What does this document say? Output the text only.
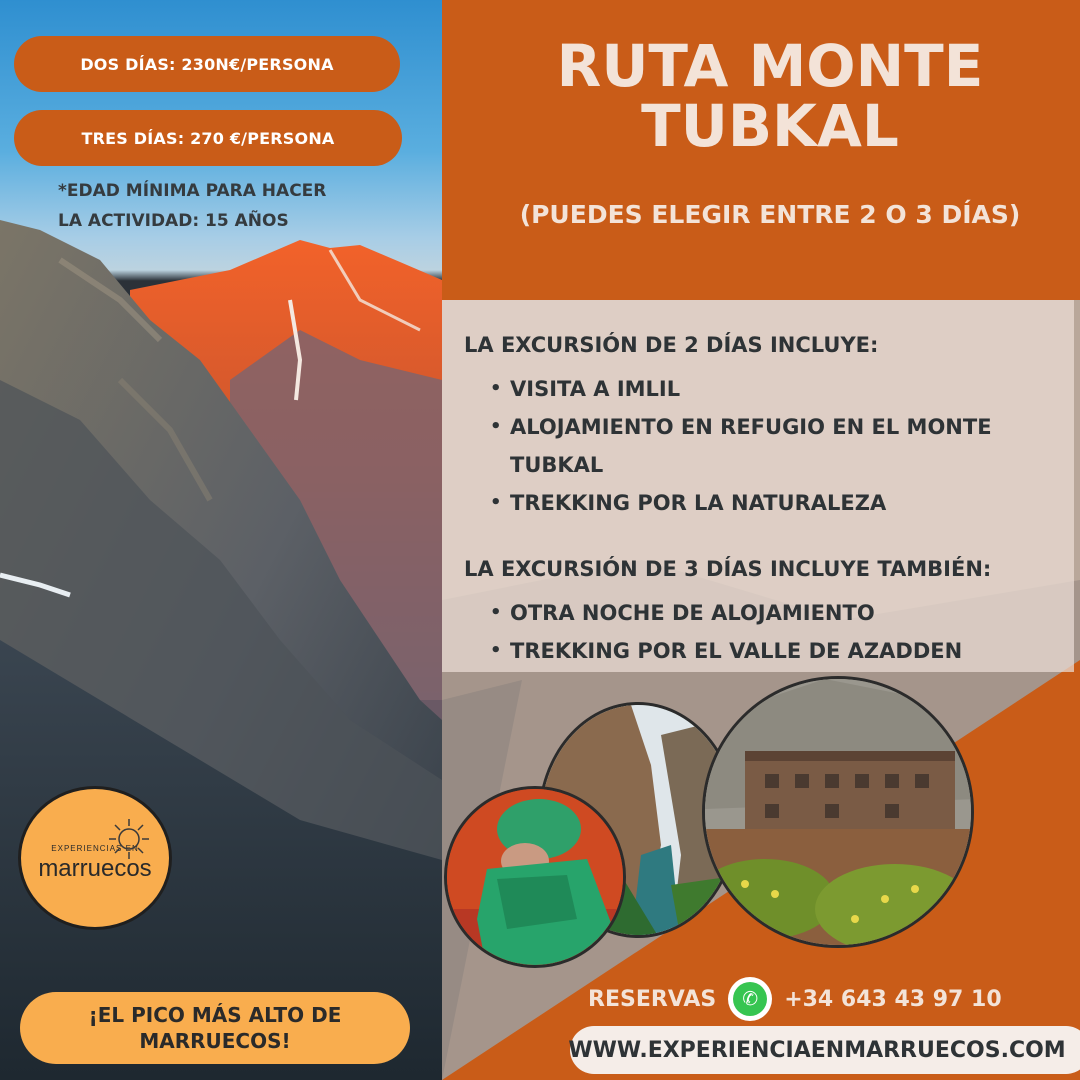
DOS DÍAS: 230N€/PERSONA
TRES DÍAS: 270 €/PERSONA
*EDAD MÍNIMA PARA HACER
LA ACTIVIDAD: 15 AÑOS
RUTA MONTE
TUBKAL
(PUEDES ELEGIR ENTRE 2 O 3 DÍAS)
LA EXCURSIÓN DE 2 DÍAS INCLUYE:
• VISITA A IMLIL
• ALOJAMIENTO EN REFUGIO EN EL MONTE TUBKAL
• TREKKING POR LA NATURALEZA
LA EXCURSIÓN DE 3 DÍAS INCLUYE TAMBIÉN:
• OTRA NOCHE DE ALOJAMIENTO
• TREKKING POR EL VALLE DE AZADDEN
RESERVAS	✆	+34 643 43 97 10
WWW.EXPERIENCIAENMARRUECOS.COM
EXPERIENCIAS EN
marruecos
¡EL PICO MÁS ALTO DE
MARRUECOS!
